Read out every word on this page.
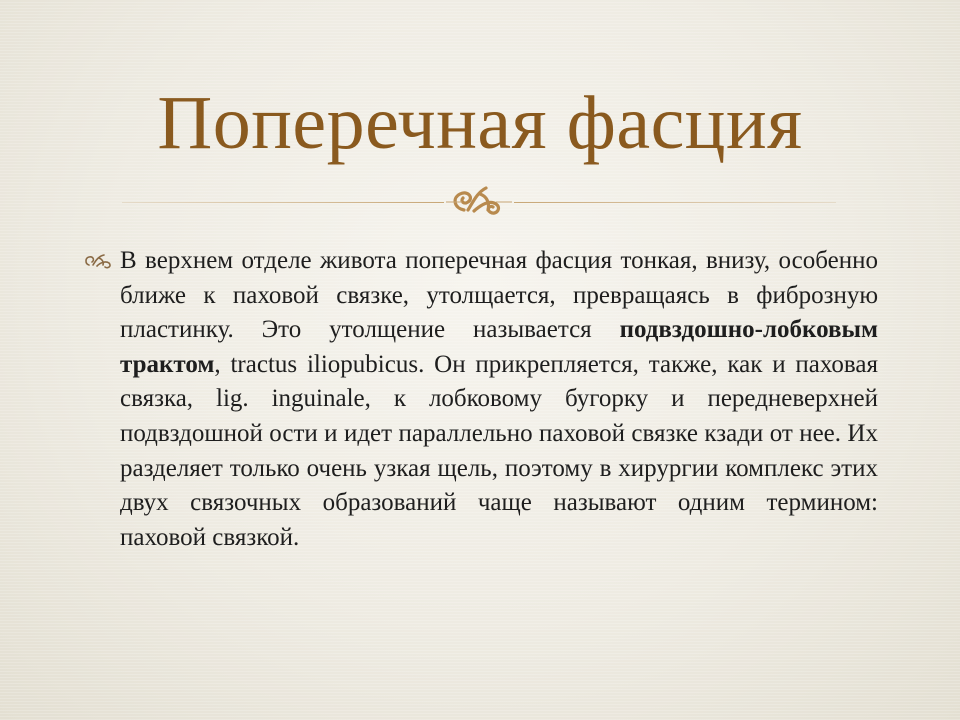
Поперечная фасция

В верхнем отделе живота поперечная фасция тонкая, внизу, особенно ближе к паховой связке, утолщается, превращаясь в фиброзную пластинку. Это утолщение называется подвздошно-лобковым трактом, tractus iliopubicus. Он прикрепляется, также, как и паховая связка, lig. inguinale, к лобковому бугорку и передневерхней подвздошной ости и идет параллельно паховой связке кзади от нее. Их разделяет только очень узкая щель, поэтому в хирургии комплекс этих двух связочных образований чаще называют одним термином: паховой связкой.
